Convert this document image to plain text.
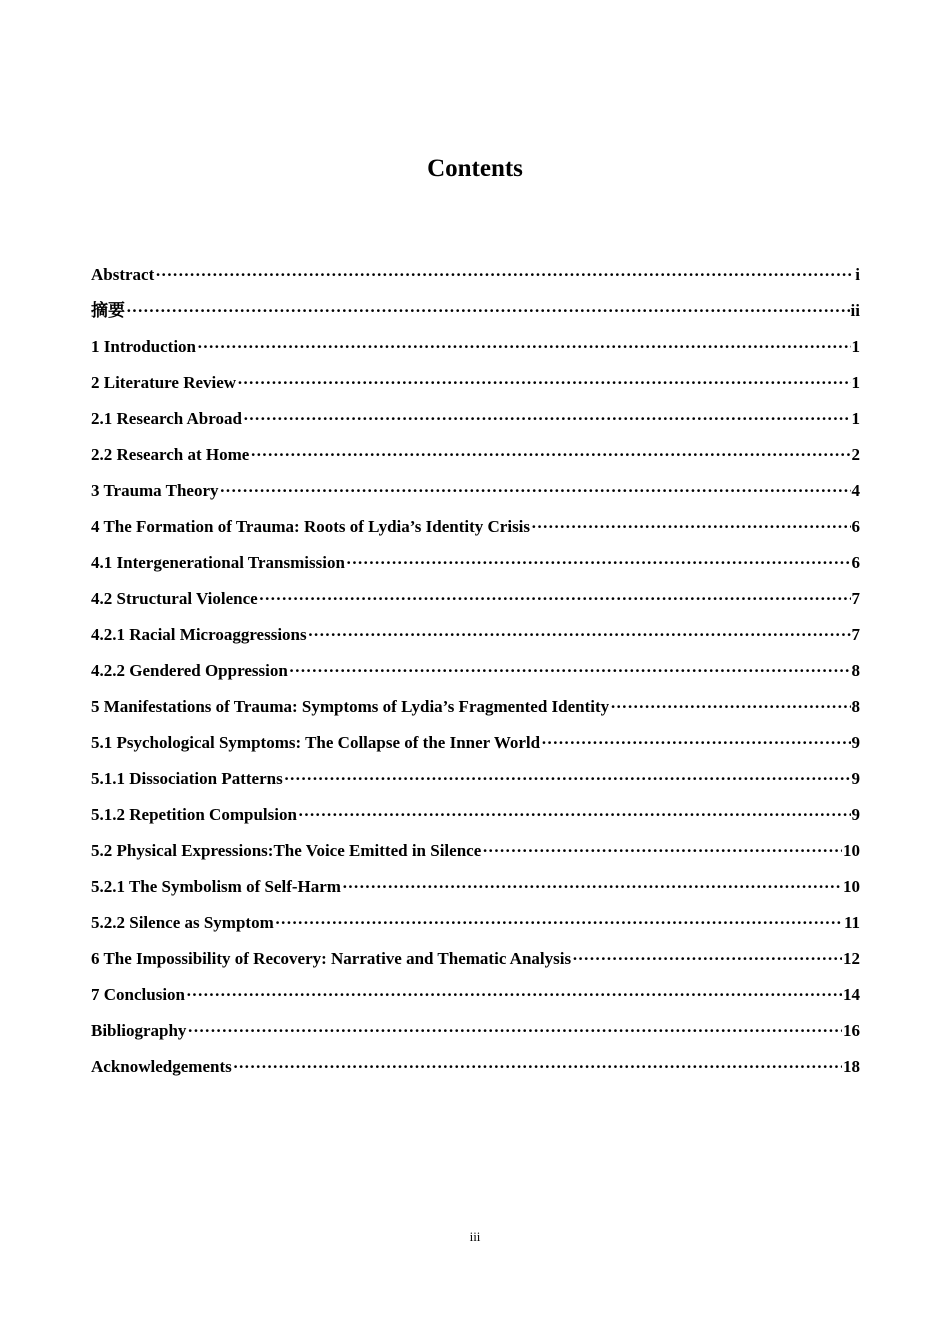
Contents
Abstract ·····	i
摘要 ·····	ii
1 Introduction ·····	1
2 Literature Review ·····	1
2.1 Research Abroad ·····	1
2.2 Research at Home ·····	2
3 Trauma Theory ·····	4
4 The Formation of Trauma: Roots of Lydia’s Identity Crisis ·····	6
4.1 Intergenerational Transmission ·····	6
4.2 Structural Violence ·····	7
4.2.1 Racial Microaggressions ·····	7
4.2.2 Gendered Oppression ·····	8
5 Manifestations of Trauma: Symptoms of Lydia’s Fragmented Identity ·····	8
5.1 Psychological Symptoms: The Collapse of the Inner World ·····	9
5.1.1 Dissociation Patterns ·····	9
5.1.2 Repetition Compulsion ·····	9
5.2 Physical Expressions:The Voice Emitted in Silence ·····	10
5.2.1 The Symbolism of Self-Harm ·····	10
5.2.2 Silence as Symptom ·····	11
6 The Impossibility of Recovery: Narrative and Thematic Analysis ·····	12
7 Conclusion ·····	14
Bibliography ·····	16
Acknowledgements ·····	18
iii
